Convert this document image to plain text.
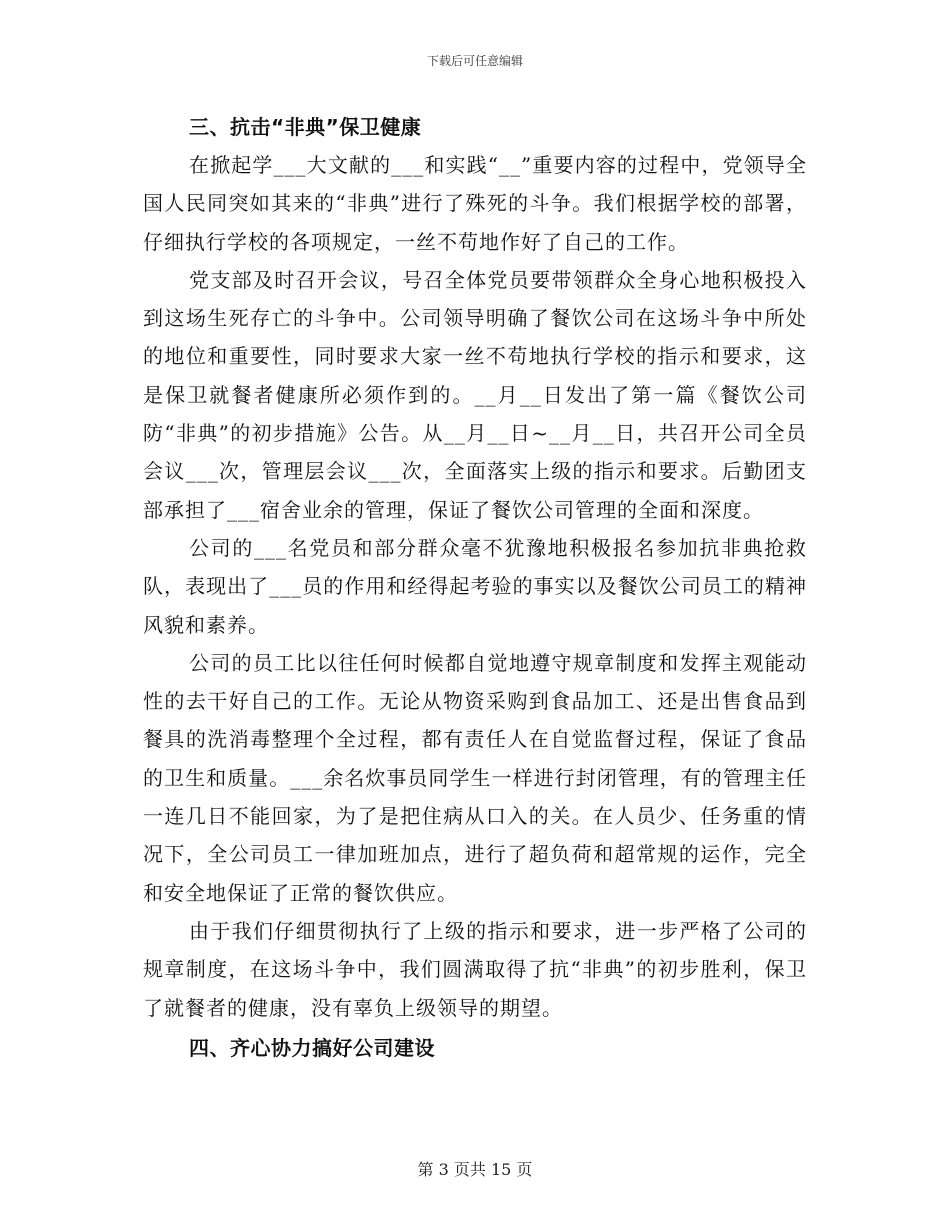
下载后可任意编辑
三、抗击“非典”保卫健康

在掀起学___大文献的___和实践“__”重要内容的过程中，党领导全国人民同突如其来的“非典”进行了殊死的斗争。我们根据学校的部署，仔细执行学校的各项规定，一丝不苟地作好了自己的工作。

党支部及时召开会议，号召全体党员要带领群众全身心地积极投入到这场生死存亡的斗争中。公司领导明确了餐饮公司在这场斗争中所处的地位和重要性，同时要求大家一丝不苟地执行学校的指示和要求，这是保卫就餐者健康所必须作到的。__月__日发出了第一篇《餐饮公司防“非典”的初步措施》公告。从__月__日~__月__日，共召开公司全员会议___次，管理层会议___次，全面落实上级的指示和要求。后勤团支部承担了___宿舍业余的管理，保证了餐饮公司管理的全面和深度。

公司的___名党员和部分群众毫不犹豫地积极报名参加抗非典抢救队，表现出了___员的作用和经得起考验的事实以及餐饮公司员工的精神风貌和素养。

公司的员工比以往任何时候都自觉地遵守规章制度和发挥主观能动性的去干好自己的工作。无论从物资采购到食品加工、还是出售食品到餐具的洗消毒整理个全过程，都有责任人在自觉监督过程，保证了食品的卫生和质量。___余名炊事员同学生一样进行封闭管理，有的管理主任一连几日不能回家，为了是把住病从口入的关。在人员少、任务重的情况下，全公司员工一律加班加点，进行了超负荷和超常规的运作，完全和安全地保证了正常的餐饮供应。

由于我们仔细贯彻执行了上级的指示和要求，进一步严格了公司的规章制度，在这场斗争中，我们圆满取得了抗“非典”的初步胜利，保卫了就餐者的健康，没有辜负上级领导的期望。

四、齐心协力搞好公司建设
第 3 页共 15 页
